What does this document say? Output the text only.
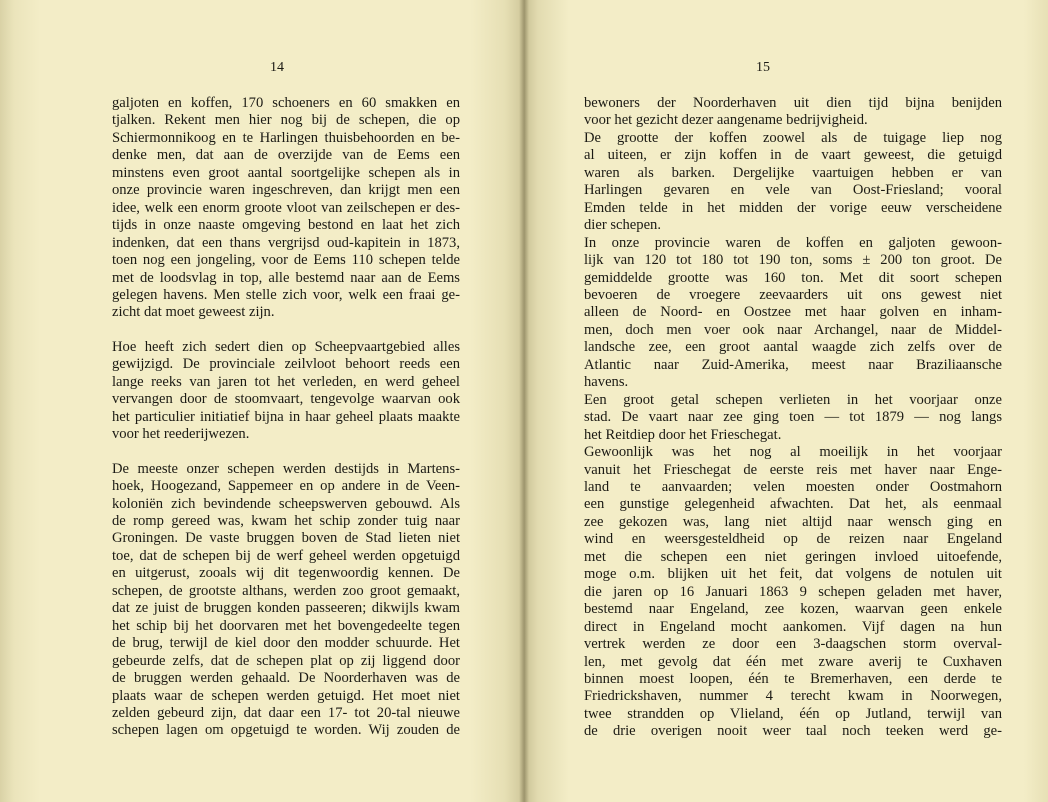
14
galjoten en koffen, 170 schoeners en 60 smakken en
tjalken. Rekent men hier nog bij de schepen, die op
Schiermonnikoog en te Harlingen thuisbehoorden en be‑
denke men, dat aan de overzijde van de Eems een
minstens even groot aantal soortgelijke schepen als in
onze provincie waren ingeschreven, dan krijgt men een
idee, welk een enorm groote vloot van zeilschepen er des‑
tijds in onze naaste omgeving bestond en laat het zich
indenken, dat een thans vergrijsd oud‑kapitein in 1873,
toen nog een jongeling, voor de Eems 110 schepen telde
met de loodsvlag in top, alle bestemd naar aan de Eems
gelegen havens. Men stelle zich voor, welk een fraai ge‑
zicht dat moet geweest zijn.
Hoe heeft zich sedert dien op Scheepvaartgebied alles
gewijzigd. De provinciale zeilvloot behoort reeds een
lange reeks van jaren tot het verleden, en werd geheel
vervangen door de stoomvaart, tengevolge waarvan ook
het particulier initiatief bijna in haar geheel plaats maakte
voor het reederijwezen.
De meeste onzer schepen werden destijds in Martens‑
hoek, Hoogezand, Sappemeer en op andere in de Veen‑
koloniën zich bevindende scheepswerven gebouwd. Als
de romp gereed was, kwam het schip zonder tuig naar
Groningen. De vaste bruggen boven de Stad lieten niet
toe, dat de schepen bij de werf geheel werden opgetuigd
en uitgerust, zooals wij dit tegenwoordig kennen. De
schepen, de grootste althans, werden zoo groot gemaakt,
dat ze juist de bruggen konden passeeren; dikwijls kwam
het schip bij het doorvaren met het bovengedeelte tegen
de brug, terwijl de kiel door den modder schuurde. Het
gebeurde zelfs, dat de schepen plat op zij liggend door
de bruggen werden gehaald. De Noorderhaven was de
plaats waar de schepen werden getuigd. Het moet niet
zelden gebeurd zijn, dat daar een 17‑ tot 20‑tal nieuwe
schepen lagen om opgetuigd te worden. Wij zouden de
15
bewoners der Noorderhaven uit dien tijd bijna benijden
voor het gezicht dezer aangename bedrijvigheid.
De grootte der koffen zoowel als de tuigage liep nog
al uiteen, er zijn koffen in de vaart geweest, die getuigd
waren als barken. Dergelijke vaartuigen hebben er van
Harlingen gevaren en vele van Oost‑Friesland; vooral
Emden telde in het midden der vorige eeuw verscheidene
dier schepen.
In onze provincie waren de koffen en galjoten gewoon‑
lijk van 120 tot 180 tot 190 ton, soms ± 200 ton groot. De
gemiddelde grootte was 160 ton. Met dit soort schepen
bevoeren de vroegere zeevaarders uit ons gewest niet
alleen de Noord‑ en Oostzee met haar golven en inham‑
men, doch men voer ook naar Archangel, naar de Middel‑
landsche zee, een groot aantal waagde zich zelfs over de
Atlantic naar Zuid‑Amerika, meest naar Braziliaansche
havens.
Een groot getal schepen verlieten in het voorjaar onze
stad. De vaart naar zee ging toen — tot 1879 — nog langs
het Reitdiep door het Frieschegat.
Gewoonlijk was het nog al moeilijk in het voorjaar
vanuit het Frieschegat de eerste reis met haver naar Enge‑
land te aanvaarden; velen moesten onder Oostmahorn
een gunstige gelegenheid afwachten. Dat het, als eenmaal
zee gekozen was, lang niet altijd naar wensch ging en
wind en weersgesteldheid op de reizen naar Engeland
met die schepen een niet geringen invloed uitoefende,
moge o.m. blijken uit het feit, dat volgens de notulen uit
die jaren op 16 Januari 1863 9 schepen geladen met haver,
bestemd naar Engeland, zee kozen, waarvan geen enkele
direct in Engeland mocht aankomen. Vijf dagen na hun
vertrek werden ze door een 3‑daagschen storm overval‑
len, met gevolg dat één met zware averij te Cuxhaven
binnen moest loopen, één te Bremerhaven, een derde te
Friedrickshaven, nummer 4 terecht kwam in Noorwegen,
twee strandden op Vlieland, één op Jutland, terwijl van
de drie overigen nooit weer taal noch teeken werd ge‑
